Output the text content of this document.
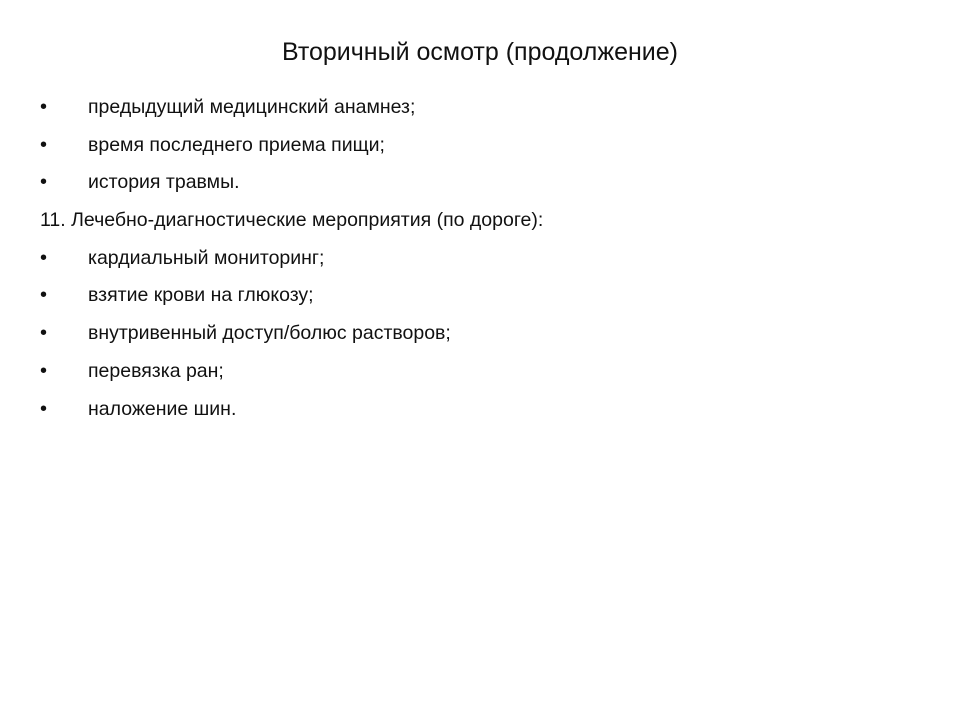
Вторичный осмотр (продолжение)
•	предыдущий медицинский анамнез;
•	время последнего приема пищи;
•	история травмы.
11. Лечебно-диагностические мероприятия (по дороге):
•	кардиальный мониторинг;
•	взятие крови на глюкозу;
•	внутривенный доступ/болюс растворов;
•	перевязка ран;
•	наложение шин.
